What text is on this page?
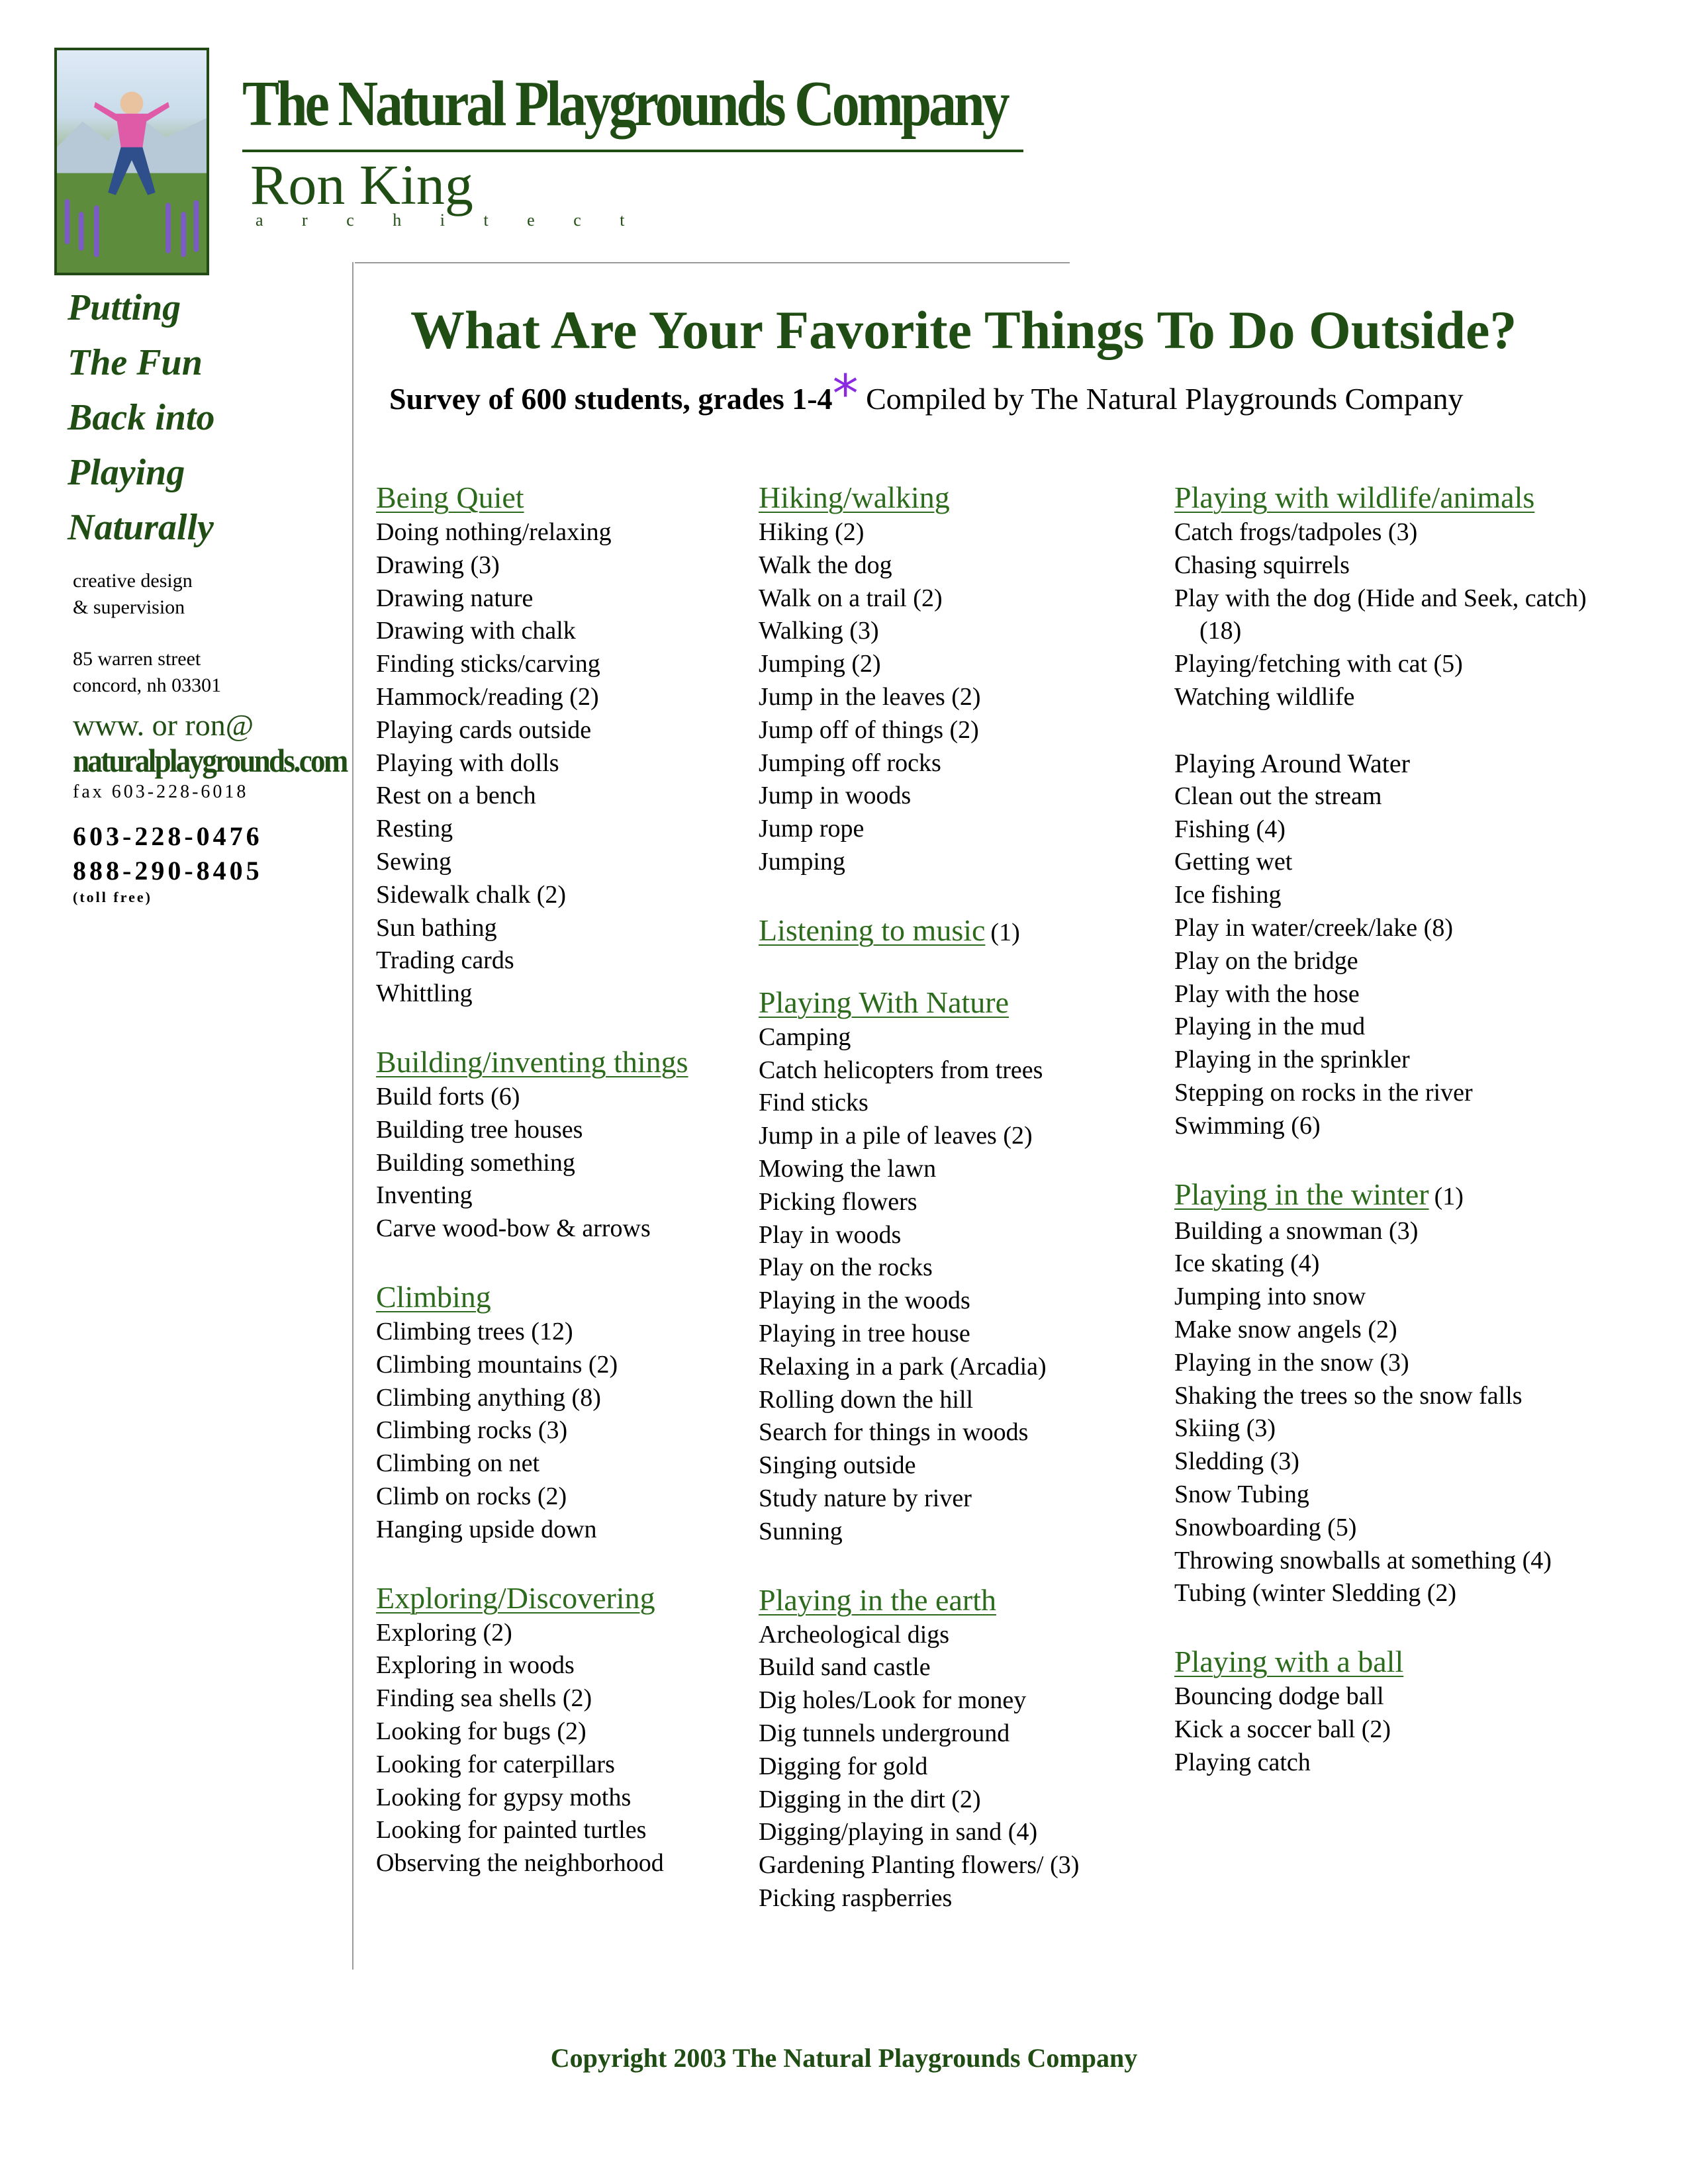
The Natural Playgrounds Company
Ron King
a r c h i t e c t
Putting
The Fun
Back into
Playing
Naturally
creative design
& supervision
85 warren street
concord, nh 03301
www. or ron@
naturalplaygrounds.com
fax 603-228-6018
603-228-0476
888-290-8405
(toll free)
What Are Your Favorite Things To Do Outside?
Survey of 600 students, grades 1-4* Compiled by The Natural Playgrounds Company
Being Quiet
Doing nothing/relaxing
Drawing (3)
Drawing nature
Drawing with chalk
Finding sticks/carving
Hammock/reading (2)
Playing cards outside
Playing with dolls
Rest on a bench
Resting
Sewing
Sidewalk chalk (2)
Sun bathing
Trading cards
Whittling
Building/inventing things
Build forts (6)
Building tree houses
Building something
Inventing
Carve wood-bow & arrows
Climbing
Climbing trees (12)
Climbing mountains (2)
Climbing anything (8)
Climbing rocks (3)
Climbing on net
Climb on rocks (2)
Hanging upside down
Exploring/Discovering
Exploring (2)
Exploring in woods
Finding sea shells (2)
Looking for bugs (2)
Looking for caterpillars
Looking for gypsy moths
Looking for painted turtles
Observing the neighborhood
Hiking/walking
Hiking (2)
Walk the dog
Walk on a trail (2)
Walking (3)
Jumping (2)
Jump in the leaves (2)
Jump off of things (2)
Jumping off rocks
Jump in woods
Jump rope
Jumping
Listening to music (1)
Playing With Nature
Camping
Catch helicopters from trees
Find sticks
Jump in a pile of leaves (2)
Mowing the lawn
Picking flowers
Play in woods
Play on the rocks
Playing in the woods
Playing in tree house
Relaxing in a park (Arcadia)
Rolling down the hill
Search for things in woods
Singing outside
Study nature by river
Sunning
Playing in the earth
Archeological digs
Build sand castle
Dig holes/Look for money
Dig tunnels underground
Digging for gold
Digging in the dirt (2)
Digging/playing in sand (4)
Gardening Planting flowers/ (3)
Picking raspberries
Playing with wildlife/animals
Catch frogs/tadpoles (3)
Chasing squirrels
Play with the dog (Hide and Seek, catch)
(18)
Playing/fetching with cat (5)
Watching wildlife
Playing Around Water
Clean out the stream
Fishing (4)
Getting wet
Ice fishing
Play in water/creek/lake (8)
Play on the bridge
Play with the hose
Playing in the mud
Playing in the sprinkler
Stepping on rocks in the river
Swimming (6)
Playing in the winter (1)
Building a snowman (3)
Ice skating (4)
Jumping into snow
Make snow angels (2)
Playing in the snow (3)
Shaking the trees so the snow falls
Skiing (3)
Sledding (3)
Snow Tubing
Snowboarding (5)
Throwing snowballs at something (4)
Tubing (winter Sledding (2)
Playing with a ball
Bouncing dodge ball
Kick a soccer ball (2)
Playing catch
Copyright 2003 The Natural Playgrounds Company
